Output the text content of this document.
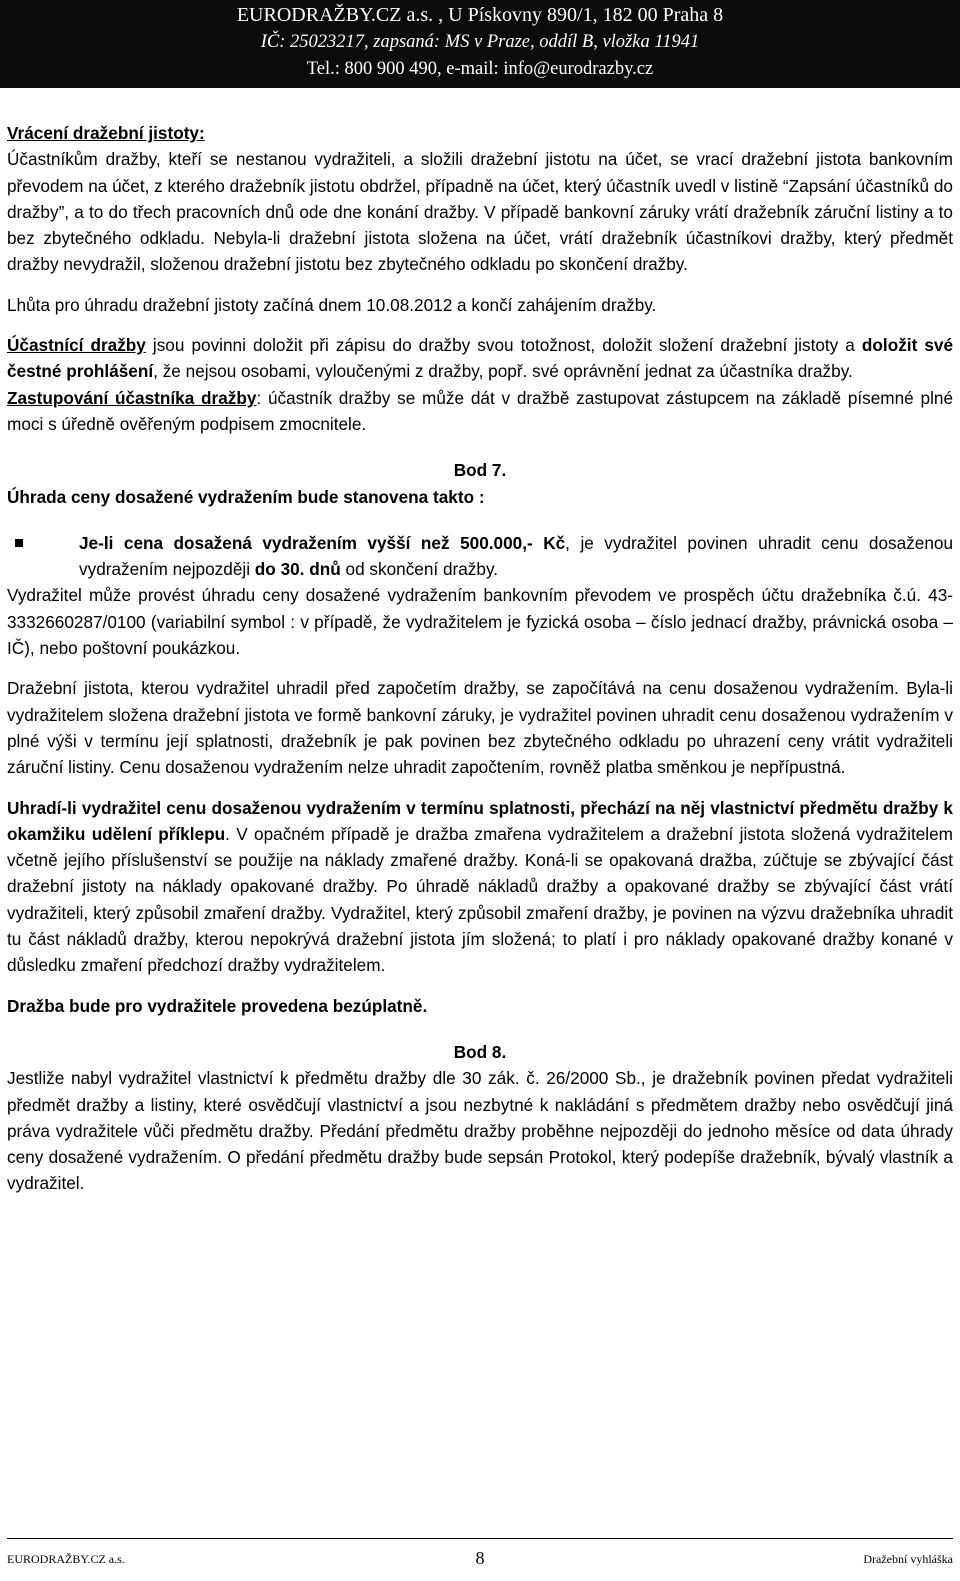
EURODRAŽBY.CZ a.s. , U Pískovny 890/1, 182 00 Praha 8
IČ: 25023217, zapsaná: MS v Praze, oddíl B, vložka 11941
Tel.: 800 900 490, e-mail: info@eurodrazby.cz

Vrácení dražební jistoty:

Účastníkům dražby, kteří se nestanou vydražiteli, a složili dražební jistotu na účet, se vrací dražební jistota bankovním převodem na účet, z kterého dražebník jistotu obdržel, případně na účet, který účastník uvedl v listině “Zapsání účastníků do dražby”, a to do třech pracovních dnů ode dne konání dražby. V případě bankovní záruky vrátí dražebník záruční listiny a to bez zbytečného odkladu. Nebyla-li dražební jistota složena na účet, vrátí dražebník účastníkovi dražby, který předmět dražby nevydražil, složenou dražební jistotu bez zbytečného odkladu po skončení dražby.

Lhůta pro úhradu dražební jistoty začíná dnem 10.08.2012 a končí zahájením dražby.

Účastnící dražby jsou povinni doložit při zápisu do dražby svou totožnost, doložit složení dražební jistoty a doložit své čestné prohlášení, že nejsou osobami, vyloučenými z dražby, popř. své oprávnění jednat za účastníka dražby.

Zastupování účastníka dražby: účastník dražby se může dát v dražbě zastupovat zástupcem na základě písemné plné moci s úředně ověřeným podpisem zmocnitele.

Bod 7.

Úhrada ceny dosažené vydražením bude stanovena takto :

Je-li cena dosažená vydražením vyšší než 500.000,- Kč, je vydražitel povinen uhradit cenu dosaženou vydražením nejpozději do 30. dnů od skončení dražby.

Vydražitel může provést úhradu ceny dosažené vydražením bankovním převodem ve prospěch účtu dražebníka č.ú. 43-3332660287/0100 (variabilní symbol : v případě, že vydražitelem je fyzická osoba – číslo jednací dražby, právnická osoba – IČ), nebo poštovní poukázkou.

Dražební jistota, kterou vydražitel uhradil před započetím dražby, se započítává na cenu dosaženou vydražením. Byla-li vydražitelem složena dražební jistota ve formě bankovní záruky, je vydražitel povinen uhradit cenu dosaženou vydražením v plné výši v termínu její splatnosti, dražebník je pak povinen bez zbytečného odkladu po uhrazení ceny vrátit vydražiteli záruční listiny. Cenu dosaženou vydražením nelze uhradit započtením, rovněž platba směnkou je nepřípustná.

Uhradí-li vydražitel cenu dosaženou vydražením v termínu splatnosti, přechází na něj vlastnictví předmětu dražby k okamžiku udělení příklepu. V opačném případě je dražba zmařena vydražitelem a dražební jistota složená vydražitelem včetně jejího příslušenství se použije na náklady zmařené dražby. Koná-li se opakovaná dražba, zúčtuje se zbývající část dražební jistoty na náklady opakované dražby. Po úhradě nákladů dražby a opakované dražby se zbývající část vrátí vydražiteli, který způsobil zmaření dražby. Vydražitel, který způsobil zmaření dražby, je povinen na výzvu dražebníka uhradit tu část nákladů dražby, kterou nepokrývá dražební jistota jím složená; to platí i pro náklady opakované dražby konané v důsledku zmaření předchozí dražby vydražitelem.

Dražba bude pro vydražitele provedena bezúplatně.

Bod 8.

Jestliže nabyl vydražitel vlastnictví k předmětu dražby dle 30 zák. č. 26/2000 Sb., je dražebník povinen předat vydražiteli předmět dražby a listiny, které osvědčují vlastnictví a jsou nezbytné k nakládání s předmětem dražby nebo osvědčují jiná práva vydražitele vůči předmětu dražby. Předání předmětu dražby proběhne nejpozději do jednoho měsíce od data úhrady ceny dosažené vydražením. O předání předmětu dražby bude sepsán Protokol, který podepíše dražebník, bývalý vlastník a vydražitel.

EURODRAŽBY.CZ a.s.	8	Dražební vyhláška
